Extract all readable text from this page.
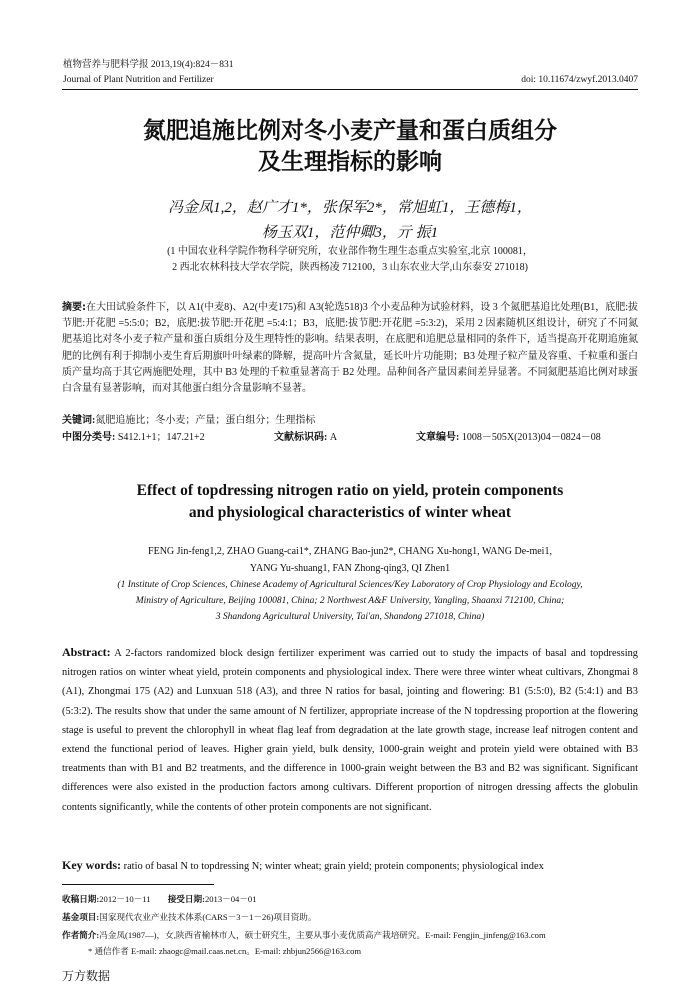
植物营养与肥料学报 2013,19(4):824－831
Journal of Plant Nutrition and Fertilizer	doi: 10.11674/zwyf.2013.0407
氮肥追施比例对冬小麦产量和蛋白质组分
及生理指标的影响
冯金凤1,2，赵广才1*，张保军2*，常旭虹1，王德梅1，
杨玉双1，范仲卿3，亓 振1
(1 中国农业科学院作物科学研究所，农业部作物生理生态重点实验室,北京 100081，
2 西北农林科技大学农学院，陕西杨凌 712100，3 山东农业大学,山东泰安 271018)
摘要:在大田试验条件下，以 A1(中麦8)、A2(中麦175)和 A3(轮选518)3 个小麦品种为试验材料，设 3 个氮肥基追比处理(B1，底肥:拔节肥:开花肥 =5:5:0；B2，底肥:拔节肥:开花肥 =5:4:1；B3，底肥:拔节肥:开花肥 =5:3:2)，采用 2 因素随机区组设计，研究了不同氮肥基追比对冬小麦子粒产量和蛋白质组分及生理特性的影响。结果表明，在底肥和追肥总量相同的条件下，适当提高开花期追施氮肥的比例有利于抑制小麦生育后期旗叶叶绿素的降解，提高叶片含氮量，延长叶片功能期；B3 处理子粒产量及容重、千粒重和蛋白质产量均高于其它两施肥处理，其中 B3 处理的千粒重显著高于 B2 处理。品种间各产量因素间差异显著。不同氮肥基追比例对球蛋白含量有显著影响，而对其他蛋白组分含量影响不显著。
关键词:氮肥追施比；冬小麦；产量；蛋白组分；生理指标
中图分类号: S412.1+1；147.21+2	文献标识码: A	文章编号: 1008－505X(2013)04－0824－08
Effect of topdressing nitrogen ratio on yield, protein components
and physiological characteristics of winter wheat
FENG Jin-feng1,2, ZHAO Guang-cai1*, ZHANG Bao-jun2*, CHANG Xu-hong1, WANG De-mei1,
YANG Yu-shuang1, FAN Zhong-qing3, QI Zhen1
(1 Institute of Crop Sciences, Chinese Academy of Agricultural Sciences/Key Laboratory of Crop Physiology and Ecology,
Ministry of Agriculture, Beijing 100081, China; 2 Northwest A&F University, Yangling, Shaanxi 712100, China;
3 Shandong Agricultural University, Tai'an, Shandong 271018, China)
Abstract: A 2-factors randomized block design fertilizer experiment was carried out to study the impacts of basal and topdressing nitrogen ratios on winter wheat yield, protein components and physiological index. There were three winter wheat cultivars, Zhongmai 8 (A1), Zhongmai 175 (A2) and Lunxuan 518 (A3), and three N ratios for basal, jointing and flowering: B1 (5:5:0), B2 (5:4:1) and B3 (5:3:2). The results show that under the same amount of N fertilizer, appropriate increase of the N topdressing proportion at the flowering stage is useful to prevent the chlorophyll in wheat flag leaf from degradation at the late growth stage, increase leaf nitrogen content and extend the functional period of leaves. Higher grain yield, bulk density, 1000-grain weight and protein yield were obtained with B3 treatments than with B1 and B2 treatments, and the difference in 1000-grain weight between the B3 and B2 was significant. Significant differences were also existed in the production factors among cultivars. Different proportion of nitrogen dressing affects the globulin contents significantly, while the contents of other protein components are not significant.
Key words: ratio of basal N to topdressing N; winter wheat; grain yield; protein components; physiological index
收稿日期:2012－10－11 接受日期:2013－04－01
基金项目:国家现代农业产业技术体系(CARS－3－1－26)项目资助。
作者简介:冯金凤(1987—)，女,陕西省榆林市人，硕士研究生，主要从事小麦优质高产栽培研究。E-mail: Fengjin_jinfeng@163.com
* 通信作者 E-mail: zhaogc@mail.caas.net.cn。E-mail: zhbjun2566@163.com
万方数据
